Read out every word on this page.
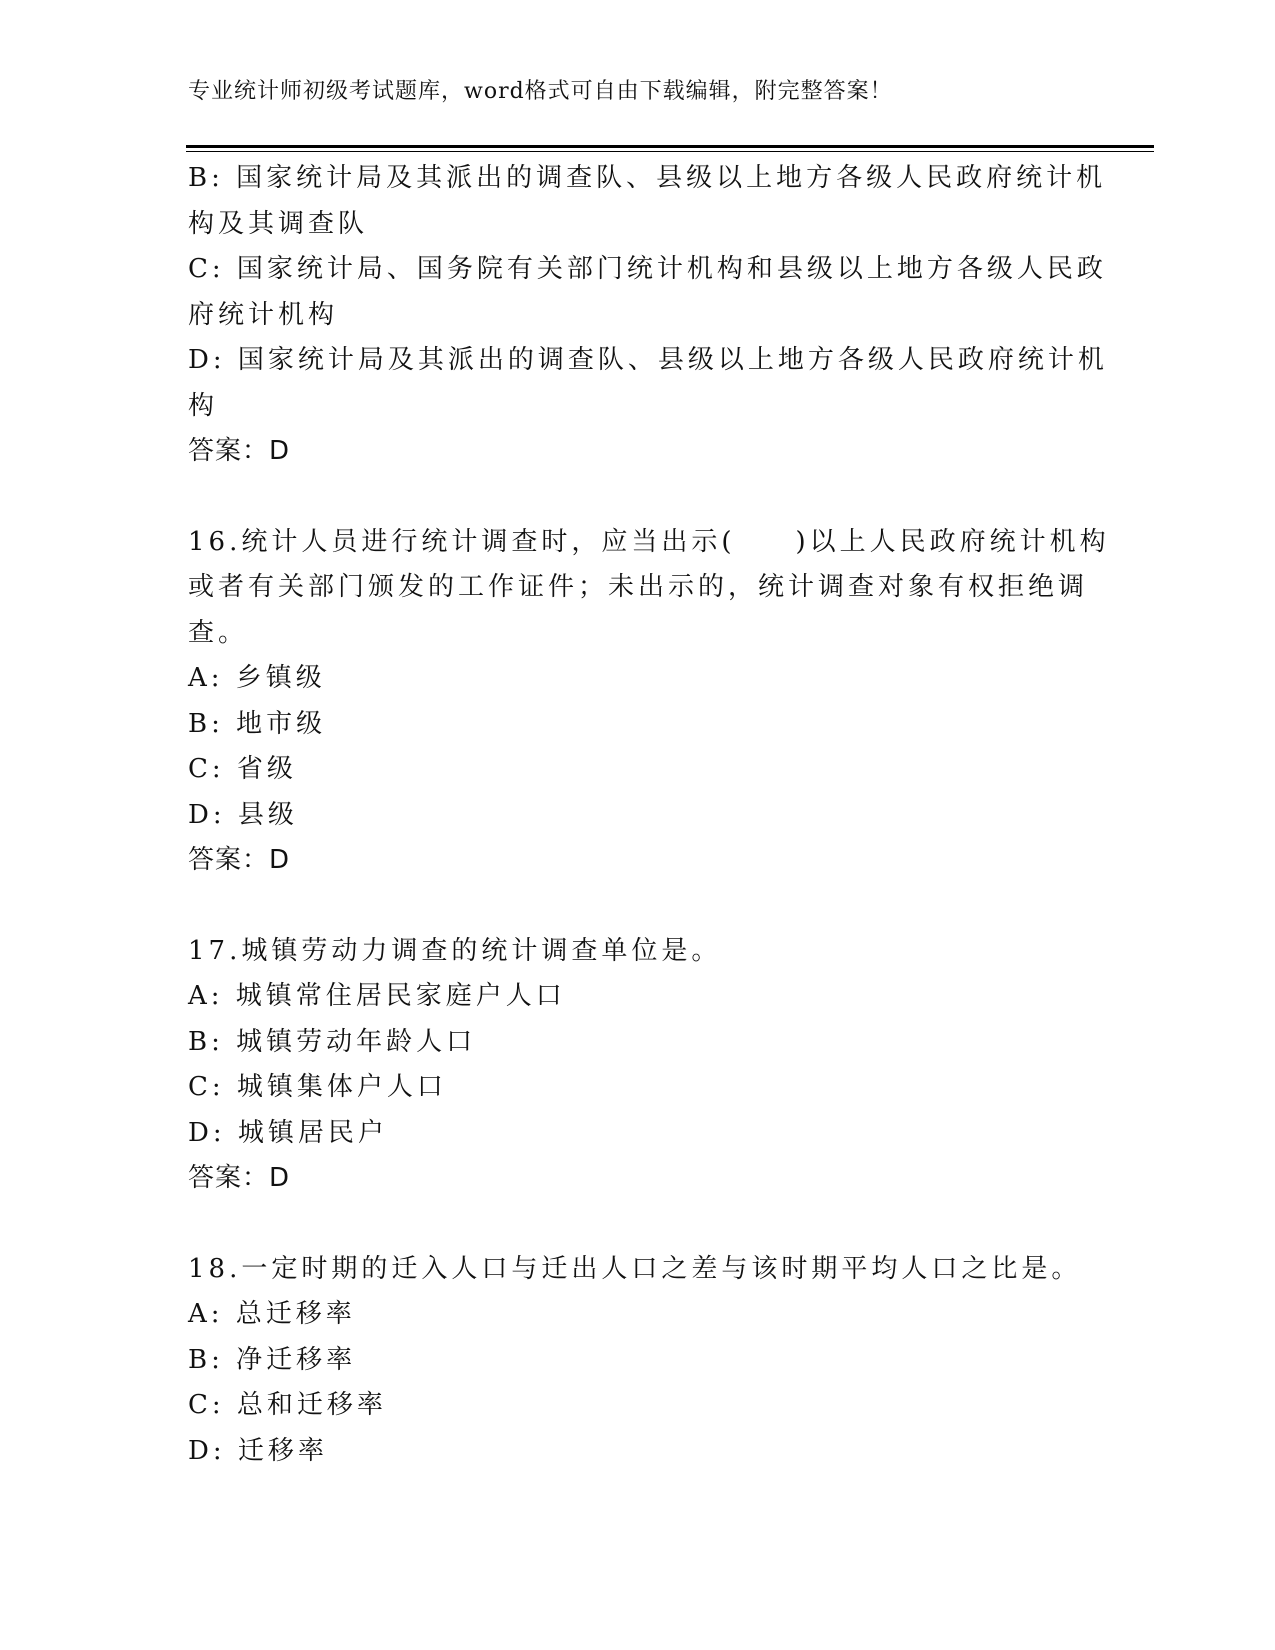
专业统计师初级考试题库，word格式可自由下载编辑，附完整答案！
B: 国家统计局及其派出的调查队、县级以上地方各级人民政府统计机
构及其调查队
C: 国家统计局、国务院有关部门统计机构和县级以上地方各级人民政
府统计机构
D: 国家统计局及其派出的调查队、县级以上地方各级人民政府统计机
构
答案：D
16.统计人员进行统计调查时，应当出示(　　)以上人民政府统计机构
或者有关部门颁发的工作证件；未出示的，统计调查对象有权拒绝调
查。
A: 乡镇级
B: 地市级
C: 省级
D: 县级
答案：D
17.城镇劳动力调查的统计调查单位是。
A: 城镇常住居民家庭户人口
B: 城镇劳动年龄人口
C: 城镇集体户人口
D: 城镇居民户
答案：D
18.一定时期的迁入人口与迁出人口之差与该时期平均人口之比是。
A: 总迁移率
B: 净迁移率
C: 总和迁移率
D: 迁移率
